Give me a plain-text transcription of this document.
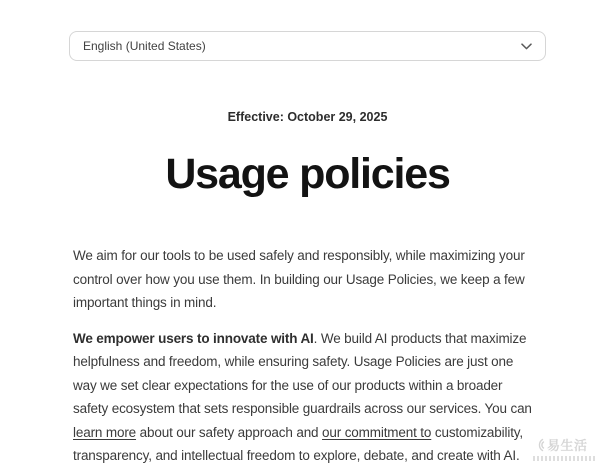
English (United States)
Effective: October 29, 2025
Usage policies

We aim for our tools to be used safely and responsibly, while maximizing your control over how you use them. In building our Usage Policies, we keep a few important things in mind.

We empower users to innovate with AI. We build AI products that maximize helpfulness and freedom, while ensuring safety. Usage Policies are just one way we set clear expectations for the use of our products within a broader safety ecosystem that sets responsible guardrails across our services. You can learn more about our safety approach and our commitment to customizability, transparency, and intellectual freedom to explore, debate, and create with AI.

易生活
